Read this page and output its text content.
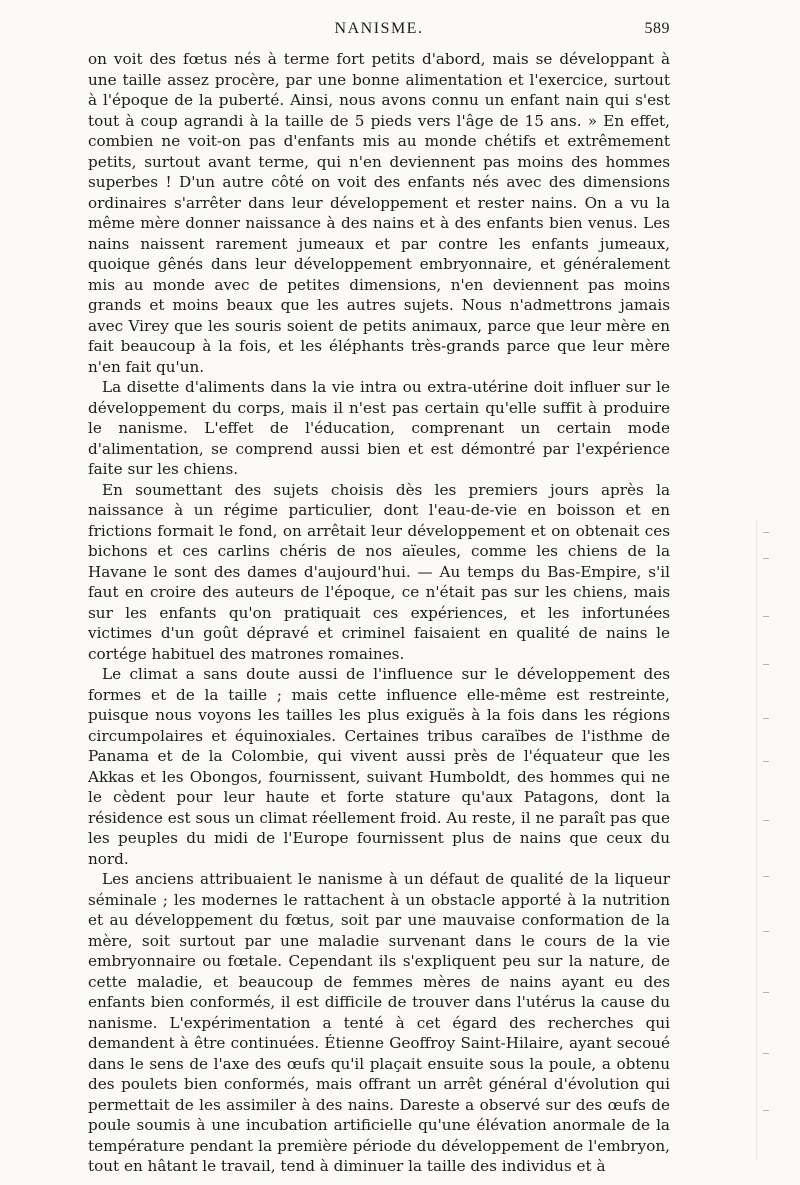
NANISME.	589

on voit des fœtus nés à terme fort petits d'abord, mais se développant à une taille assez procère, par une bonne alimentation et l'exercice, surtout à l'époque de la puberté. Ainsi, nous avons connu un enfant nain qui s'est tout à coup agrandi à la taille de 5 pieds vers l'âge de 15 ans. » En effet, combien ne voit-on pas d'enfants mis au monde chétifs et extrêmement petits, surtout avant terme, qui n'en deviennent pas moins des hommes superbes ! D'un autre côté on voit des enfants nés avec des dimensions ordinaires s'arrêter dans leur développement et rester nains. On a vu la même mère donner naissance à des nains et à des enfants bien venus. Les nains naissent rarement jumeaux et par contre les enfants jumeaux, quoique gênés dans leur développement embryonnaire, et généralement mis au monde avec de petites dimensions, n'en deviennent pas moins grands et moins beaux que les autres sujets. Nous n'admettrons jamais avec Virey que les souris soient de petits animaux, parce que leur mère en fait beaucoup à la fois, et les éléphants très-grands parce que leur mère n'en fait qu'un.

La disette d'aliments dans la vie intra ou extra-utérine doit influer sur le développement du corps, mais il n'est pas certain qu'elle suffit à produire le nanisme. L'effet de l'éducation, comprenant un certain mode d'alimentation, se comprend aussi bien et est démontré par l'expérience faite sur les chiens.

En soumettant des sujets choisis dès les premiers jours après la naissance à un régime particulier, dont l'eau-de-vie en boisson et en frictions formait le fond, on arrêtait leur développement et on obtenait ces bichons et ces carlins chéris de nos aïeules, comme les chiens de la Havane le sont des dames d'aujourd'hui. — Au temps du Bas-Empire, s'il faut en croire des auteurs de l'époque, ce n'était pas sur les chiens, mais sur les enfants qu'on pratiquait ces expériences, et les infortunées victimes d'un goût dépravé et criminel faisaient en qualité de nains le cortége habituel des matrones romaines.

Le climat a sans doute aussi de l'influence sur le développement des formes et de la taille ; mais cette influence elle-même est restreinte, puisque nous voyons les tailles les plus exiguës à la fois dans les régions circumpolaires et équinoxiales. Certaines tribus caraïbes de l'isthme de Panama et de la Colombie, qui vivent aussi près de l'équateur que les Akkas et les Obongos, fournissent, suivant Humboldt, des hommes qui ne le cèdent pour leur haute et forte stature qu'aux Patagons, dont la résidence est sous un climat réellement froid. Au reste, il ne paraît pas que les peuples du midi de l'Europe fournissent plus de nains que ceux du nord.

Les anciens attribuaient le nanisme à un défaut de qualité de la liqueur séminale ; les modernes le rattachent à un obstacle apporté à la nutrition et au développement du fœtus, soit par une mauvaise conformation de la mère, soit surtout par une maladie survenant dans le cours de la vie embryonnaire ou fœtale. Cependant ils s'expliquent peu sur la nature, de cette maladie, et beaucoup de femmes mères de nains ayant eu des enfants bien conformés, il est difficile de trouver dans l'utérus la cause du nanisme. L'expérimentation a tenté à cet égard des recherches qui demandent à être continuées. Étienne Geoffroy Saint-Hilaire, ayant secoué dans le sens de l'axe des œufs qu'il plaçait ensuite sous la poule, a obtenu des poulets bien conformés, mais offrant un arrêt général d'évolution qui permettait de les assimiler à des nains. Dareste a observé sur des œufs de poule soumis à une incubation artificielle qu'une élévation anormale de la température pendant la première période du développement de l'embryon, tout en hâtant le travail, tend à diminuer la taille des individus et à
